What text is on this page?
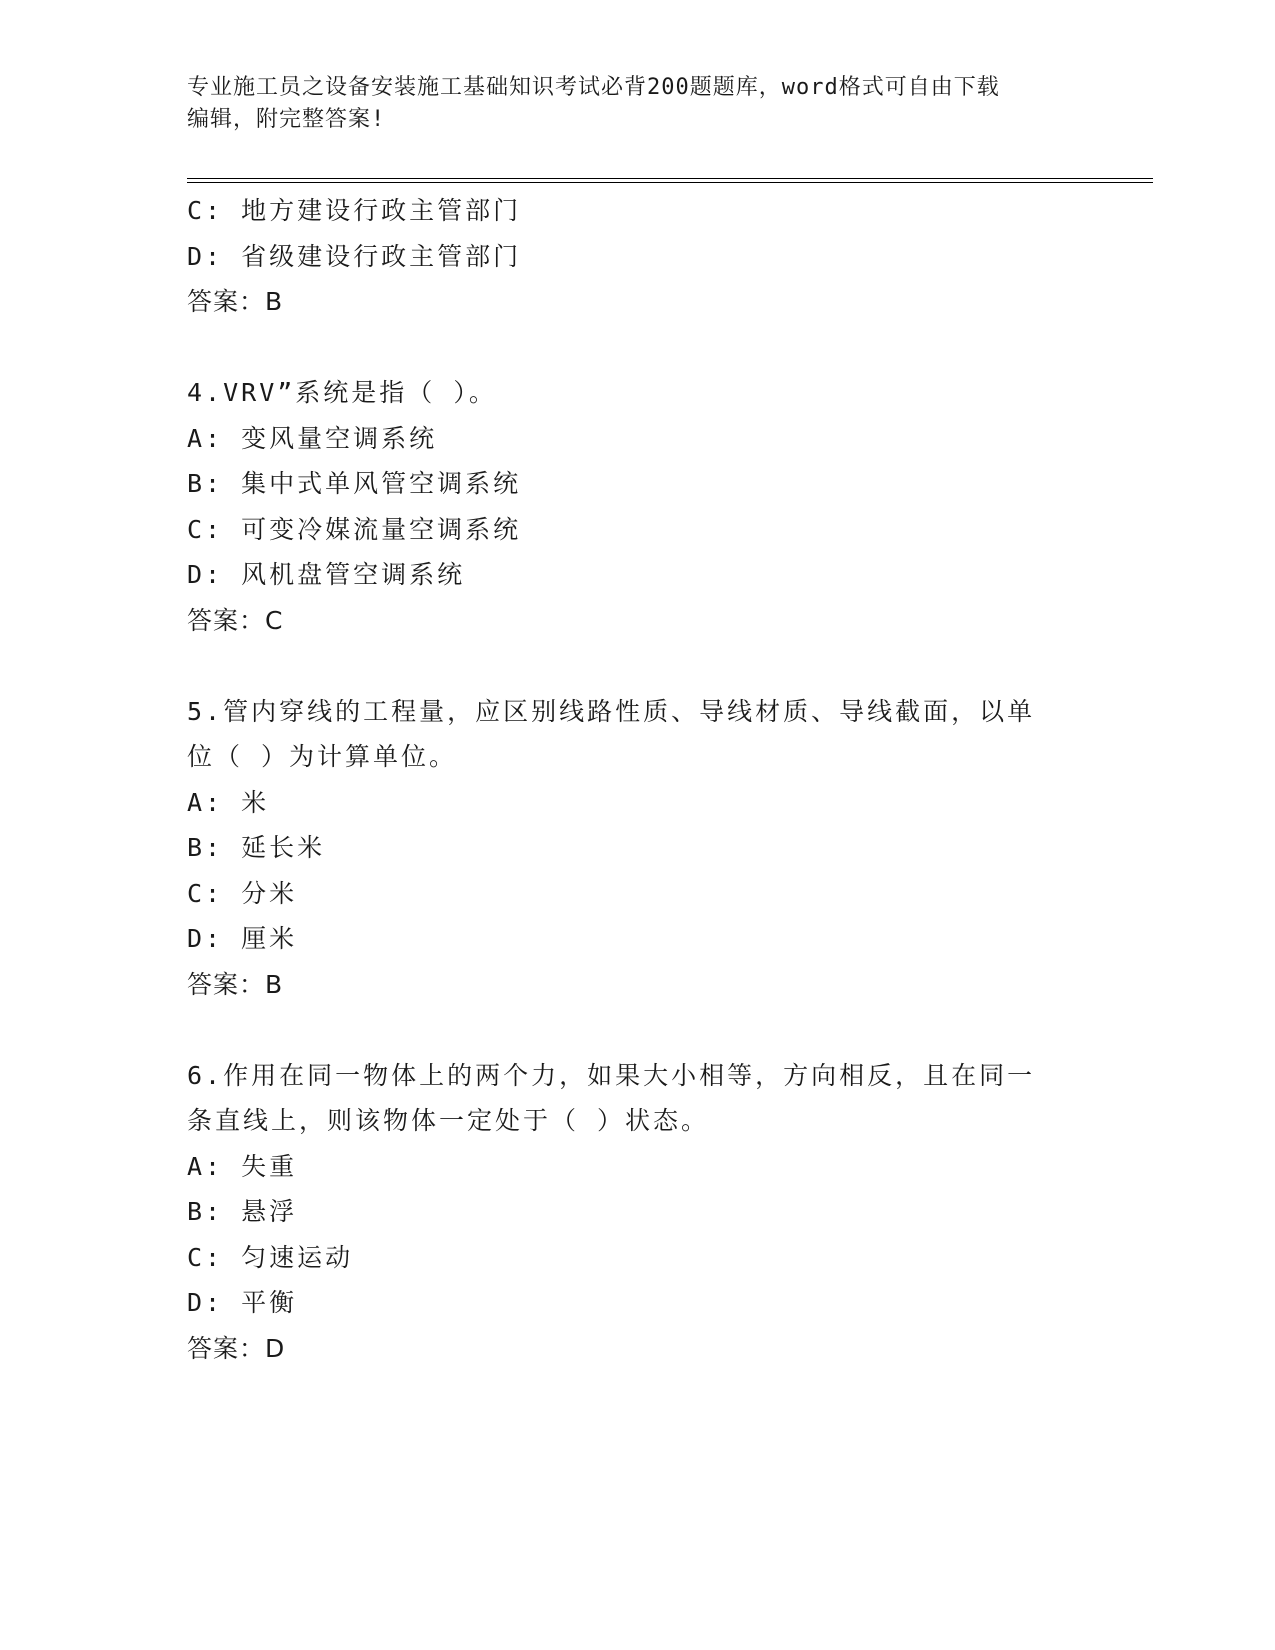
专业施工员之设备安装施工基础知识考试必背200题题库，word格式可自由下载
编辑，附完整答案!
C: 地方建设行政主管部门
D: 省级建设行政主管部门
答案：B
4.VRV”系统是指（ ）。
A: 变风量空调系统
B: 集中式单风管空调系统
C: 可变冷媒流量空调系统
D: 风机盘管空调系统
答案：C
5.管内穿线的工程量，应区别线路性质、导线材质、导线截面，以单
位（ ）为计算单位。
A: 米
B: 延长米
C: 分米
D: 厘米
答案：B
6.作用在同一物体上的两个力，如果大小相等，方向相反，且在同一
条直线上，则该物体一定处于（ ）状态。
A: 失重
B: 悬浮
C: 匀速运动
D: 平衡
答案：D
